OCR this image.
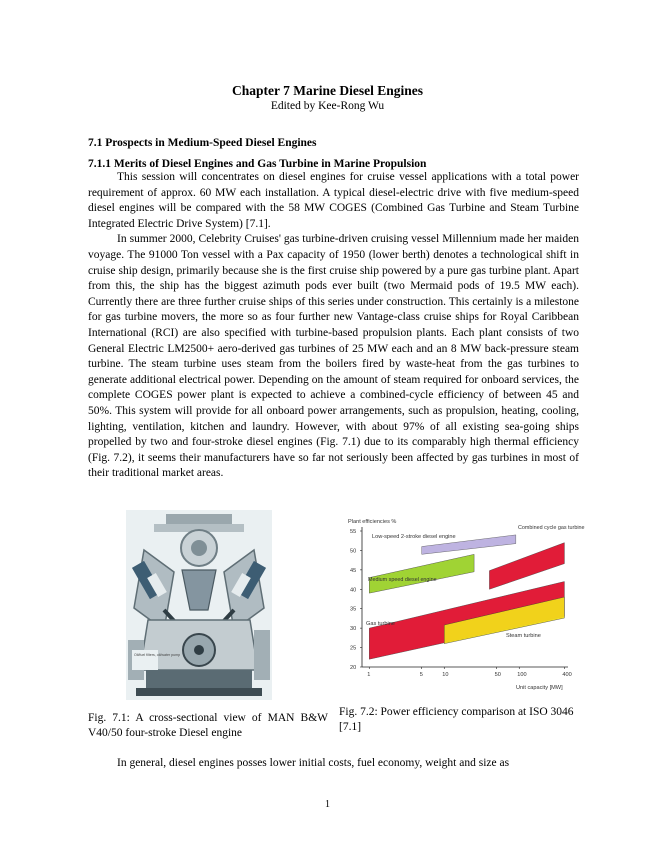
Chapter 7 Marine Diesel Engines
Edited by Kee-Rong Wu
7.1 Prospects in Medium-Speed Diesel Engines
7.1.1 Merits of Diesel Engines and Gas Turbine in Marine Propulsion

This session will concentrates on diesel engines for cruise vessel applications with a total power requirement of approx. 60 MW each installation. A typical diesel-electric drive with five medium-speed diesel engines will be compared with the 58 MW COGES (Combined Gas Turbine and Steam Turbine Integrated Electric Drive System) [7.1].

In summer 2000, Celebrity Cruises' gas turbine-driven cruising vessel Millennium made her maiden voyage. The 91000 Ton vessel with a Pax capacity of 1950 (lower berth) denotes a technological shift in cruise ship design, primarily because she is the first cruise ship powered by a pure gas turbine plant. Apart from this, the ship has the biggest azimuth pods ever built (two Mermaid pods of 19.5 MW each). Currently there are three further cruise ships of this series under construction. This certainly is a milestone for gas turbine movers, the more so as four further new Vantage-class cruise ships for Royal Caribbean International (RCI) are also specified with turbine-based propulsion plants. Each plant consists of two General Electric LM2500+ aero-derived gas turbines of 25 MW each and an 8 MW back-pressure steam turbine. The steam turbine uses steam from the boilers fired by waste-heat from the gas turbines to generate additional electrical power. Depending on the amount of steam required for onboard services, the complete COGES power plant is expected to achieve a combined-cycle efficiency of between 45 and 50%. This system will provide for all onboard power arrangements, such as propulsion, heating, cooling, lighting, ventilation, kitchen and laundry. However, with about 97% of all existing sea-going ships propelled by two and four-stroke diesel engines (Fig. 7.1) due to its comparably high thermal efficiency (Fig. 7.2), it seems their manufacturers have so far not seriously been affected by gas turbines in most of their traditional market areas.

Oil/fuel filters, oil/water pump
Fig. 7.1: A cross-sectional view of MAN B&W V40/50 four-stroke Diesel engine
55
50
45
40
35
30
25
20
1	5	10	50	100	400
Plant efficiencies %
Unit capacity [MW]
Low-speed 2-stroke diesel engine
Medium speed diesel engine
Gas turbine
Combined cycle gas turbine
Steam turbine
Fig. 7.2: Power efficiency comparison at ISO 3046 [7.1]
In general, diesel engines posses lower initial costs, fuel economy, weight and size as
1
